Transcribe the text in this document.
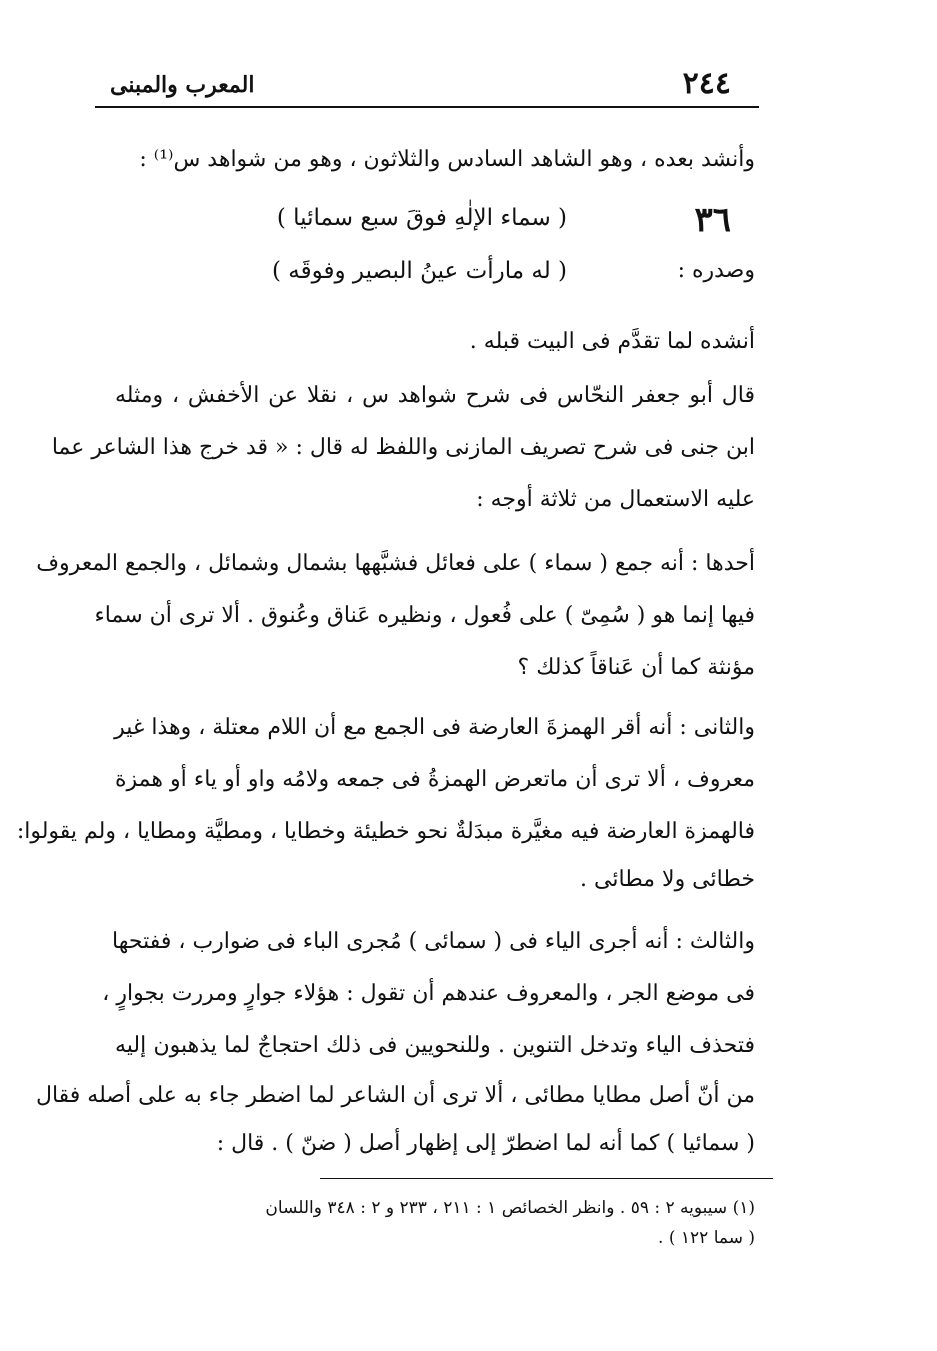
٢٤٤
المعرب والمبنى
وأنشد بعده ، وهو الشاهد السادس والثلاثون ، وهو من شواهد س⁽¹⁾ :
٣٦
( سماء الإلٰهِ فوقَ سبع سمائيا )
وصدره :
( له مارأت عينُ البصير وفوقَه )
أنشده لما تقدَّم فى البيت قبله .
قال أبو جعفر النحّاس فى شرح شواهد س ، نقلا عن الأخفش ، ومثله
ابن جنى فى شرح تصريف المازنى واللفظ له قال : « قد خرج هذا الشاعر عما
عليه الاستعمال من ثلاثة أوجه :
أحدها : أنه جمع ( سماء ) على فعائل فشبَّهها بشمال وشمائل ، والجمع المعروف
فيها إنما هو ( سُمِىّ ) على فُعول ، ونظيره عَناق وعُنوق . ألا ترى أن سماء
مؤنثة كما أن عَناقاً كذلك ؟
والثانى : أنه أقر الهمزةَ العارضة فى الجمع مع أن اللام معتلة ، وهذا غير
معروف ، ألا ترى أن ماتعرض الهمزةُ فى جمعه ولامُه واو أو ياء أو همزة
فالهمزة العارضة فيه مغيَّرة مبدَلةٌ نحو خطيئة وخطايا ، ومطيَّة ومطايا ، ولم يقولوا:
خطائى ولا مطائى .
والثالث : أنه أجرى الياء فى ( سمائى ) مُجرى الباء فى ضوارب ، ففتحها
فى موضع الجر ، والمعروف عندهم أن تقول : هؤلاء جوارٍ ومررت بجوارٍ ،
فتحذف الياء وتدخل التنوين . وللنحويين فى ذلك احتجاجٌ لما يذهبون إليه
من أنّ أصل مطايا مطائى ، ألا ترى أن الشاعر لما اضطر جاء به على أصله فقال
( سمائيا ) كما أنه لما اضطرّ إلى إظهار أصل ( ضنّ ) . قال :
(١) سيبويه ٢ : ٥٩ . وانظر الخصائص ١ : ٢١١ ، ٢٣٣ و ٢ : ٣٤٨ واللسان
( سما ١٢٢ ) .
